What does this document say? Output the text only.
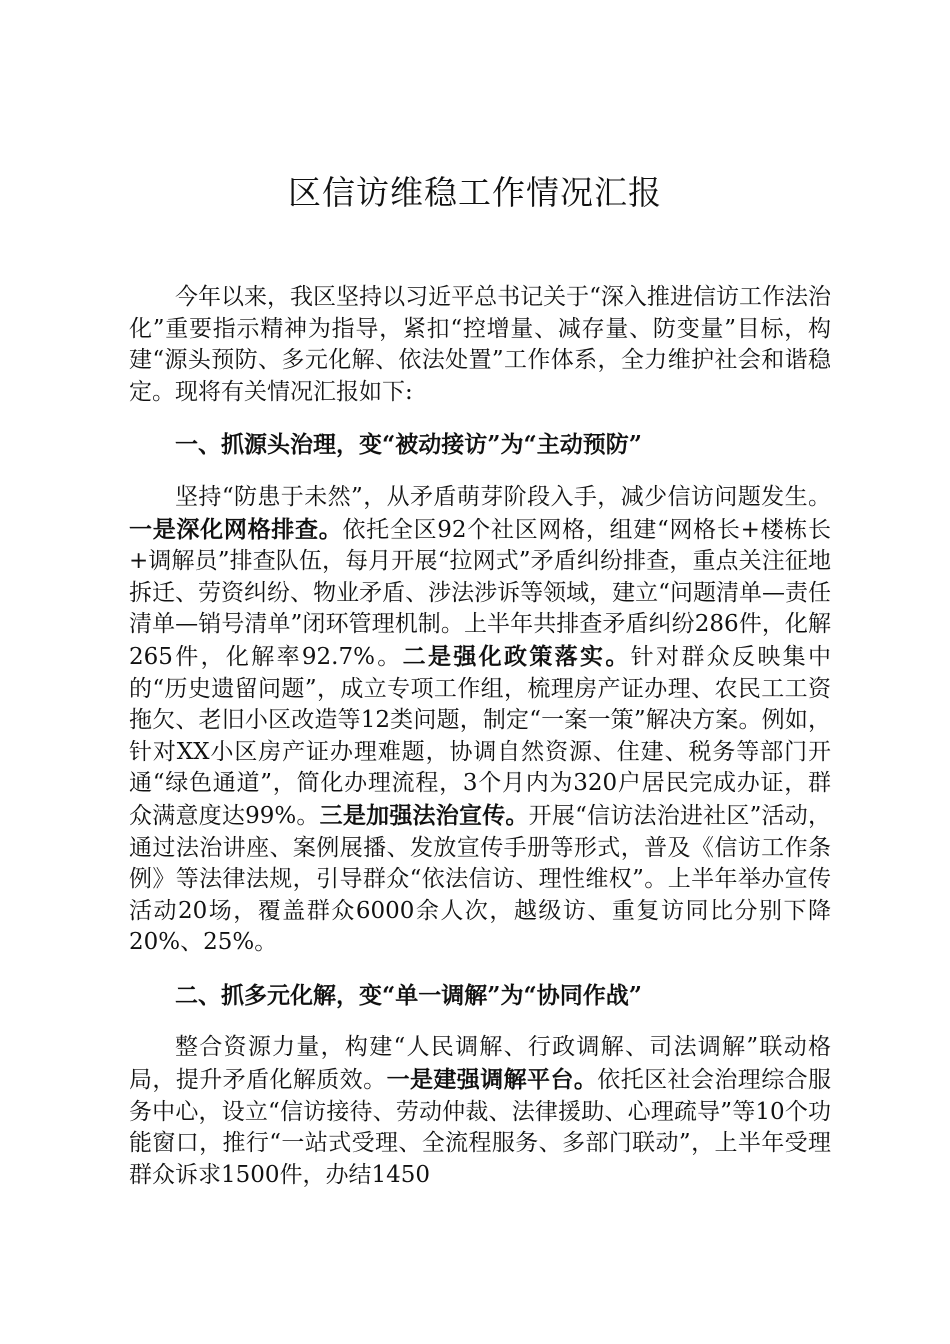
区信访维稳工作情况汇报

今年以来，我区坚持以习近平总书记关于“深入推进信访工作法治化”重要指示精神为指导，紧扣“控增量、减存量、防变量”目标，构建“源头预防、多元化解、依法处置”工作体系，全力维护社会和谐稳定。现将有关情况汇报如下:

一、抓源头治理，变“被动接访”为“主动预防”

坚持“防患于未然”，从矛盾萌芽阶段入手，减少信访问题发生。一是深化网格排查。依托全区92个社区网格，组建“网格长+楼栋长+调解员”排查队伍，每月开展“拉网式”矛盾纠纷排查，重点关注征地拆迁、劳资纠纷、物业矛盾、涉法涉诉等领域，建立“问题清单—责任清单—销号清单”闭环管理机制。上半年共排查矛盾纠纷286件，化解265件，化解率92.7%。二是强化政策落实。针对群众反映集中的“历史遗留问题”，成立专项工作组，梳理房产证办理、农民工工资拖欠、老旧小区改造等12类问题，制定“一案一策”解决方案。例如，针对XX小区房产证办理难题，协调自然资源、住建、税务等部门开通“绿色通道”，简化办理流程，3个月内为320户居民完成办证，群众满意度达99%。三是加强法治宣传。开展“信访法治进社区”活动，通过法治讲座、案例展播、发放宣传手册等形式，普及《信访工作条例》等法律法规，引导群众“依法信访、理性维权”。上半年举办宣传活动20场，覆盖群众6000余人次，越级访、重复访同比分别下降20%、25%。

二、抓多元化解，变“单一调解”为“协同作战”

整合资源力量，构建“人民调解、行政调解、司法调解”联动格局，提升矛盾化解质效。一是建强调解平台。依托区社会治理综合服务中心，设立“信访接待、劳动仲裁、法律援助、心理疏导”等10个功能窗口，推行“一站式受理、全流程服务、多部门联动”，上半年受理群众诉求1500件，办结1450
